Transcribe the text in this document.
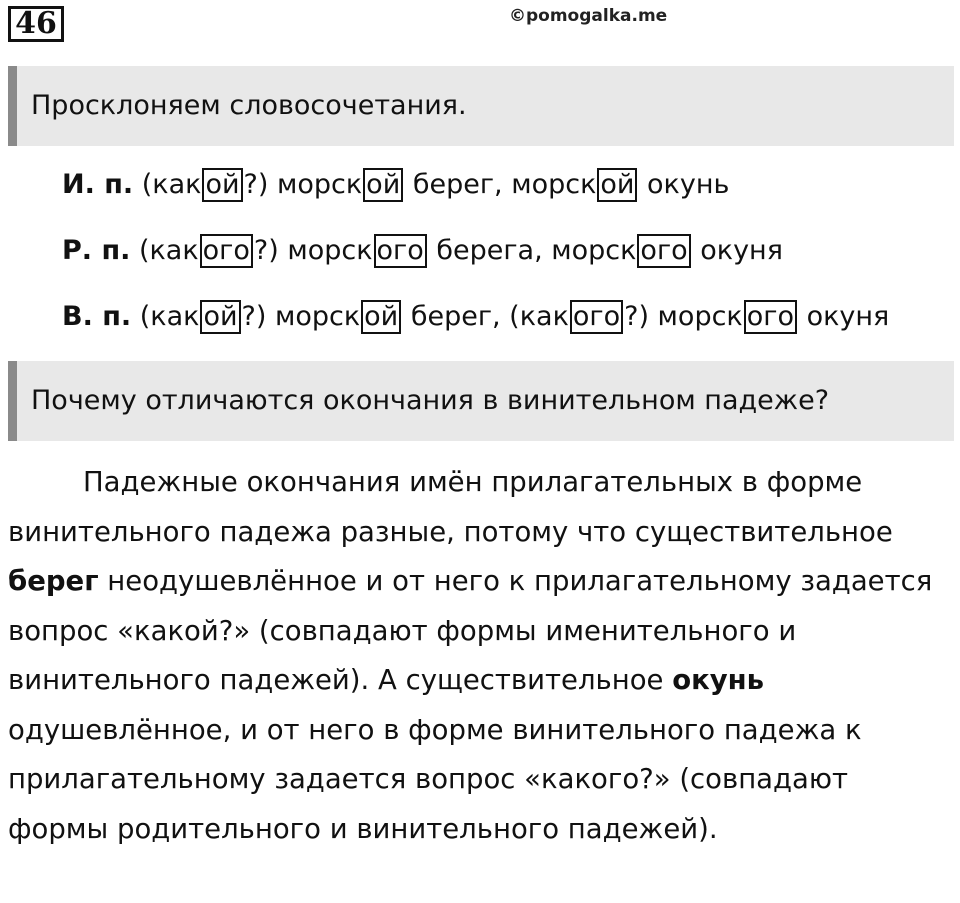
46	©pomogalka.me
Просклоняем словосочетания.
И. п. (как ой ?) морск ой берег, морск ой окунь
Р. п. (как ого ?) морск ого берега, морск ого окуня
В. п. (как ой ?) морск ой берег, (как ого ?) морск ого окуня
Почему отличаются окончания в винительном падеже?

Падежные окончания имён прилагательных в форме винительного падежа разные, потому что существительное берег неодушевлённое и от него к прилагательному задается вопрос «какой?» (совпадают формы именительного и винительного падежей). А существительное окунь одушевлённое, и от него в форме винительного падежа к прилагательному задается вопрос «какого?» (совпадают формы родительного и винительного падежей).
